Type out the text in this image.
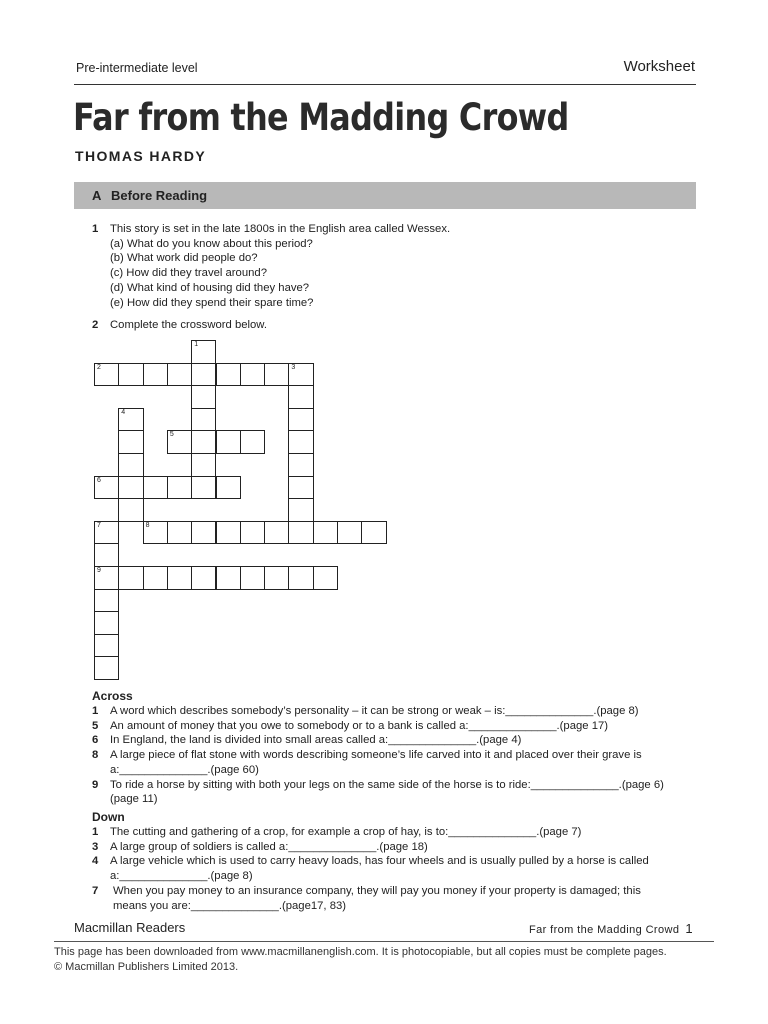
Pre-intermediate level	Worksheet
Far from the Madding Crowd
THOMAS HARDY
A Before Reading
1 This story is set in the late 1800s in the English area called Wessex.
(a) What do you know about this period?
(b) What work did people do?
(c) How did they travel around?
(d) What kind of housing did they have?
(e) How did they spend their spare time?
2 Complete the crossword below.
1
2	3
4
5
6
7	8
9
Across
1 A word which describes somebody’s personality – it can be strong or weak – is:______________.(page 8)
5 An amount of money that you owe to somebody or to a bank is called a:______________.(page 17)
6 In England, the land is divided into small areas called a:______________.(page 4)
8 A large piece of flat stone with words describing someone’s life carved into it and placed over their grave is
a:______________.(page 60)
9 To ride a horse by sitting with both your legs on the same side of the horse is to ride:______________.(page 6)
(page 11)
Down
1 The cutting and gathering of a crop, for example a crop of hay, is to:______________.(page 7)
3 A large group of soldiers is called a:______________.(page 18)
4 A large vehicle which is used to carry heavy loads, has four wheels and is usually pulled by a horse is called
a:______________.(page 8)
7 When you pay money to an insurance company, they will pay you money if your property is damaged; this
means you are:______________.(page17, 83)
Macmillan Readers	Far from the Madding Crowd 1
This page has been downloaded from www.macmillanenglish.com. It is photocopiable, but all copies must be complete pages.
© Macmillan Publishers Limited 2013.
